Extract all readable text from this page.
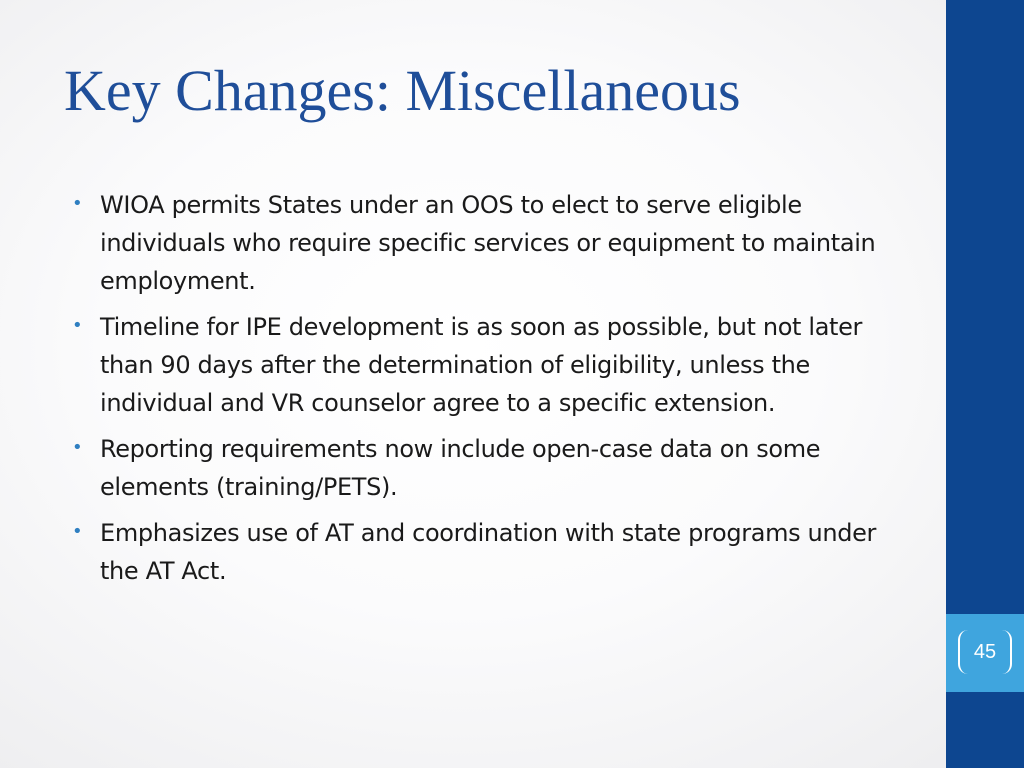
Key Changes: Miscellaneous
• WIOA permits States under an OOS to elect to serve eligible individuals who require specific services or equipment to maintain employment.
• Timeline for IPE development is as soon as possible, but not later than 90 days after the determination of eligibility, unless the individual and VR counselor agree to a specific extension.
• Reporting requirements now include open-case data on some elements (training/PETS).
• Emphasizes use of AT and coordination with state programs under the AT Act.
45
